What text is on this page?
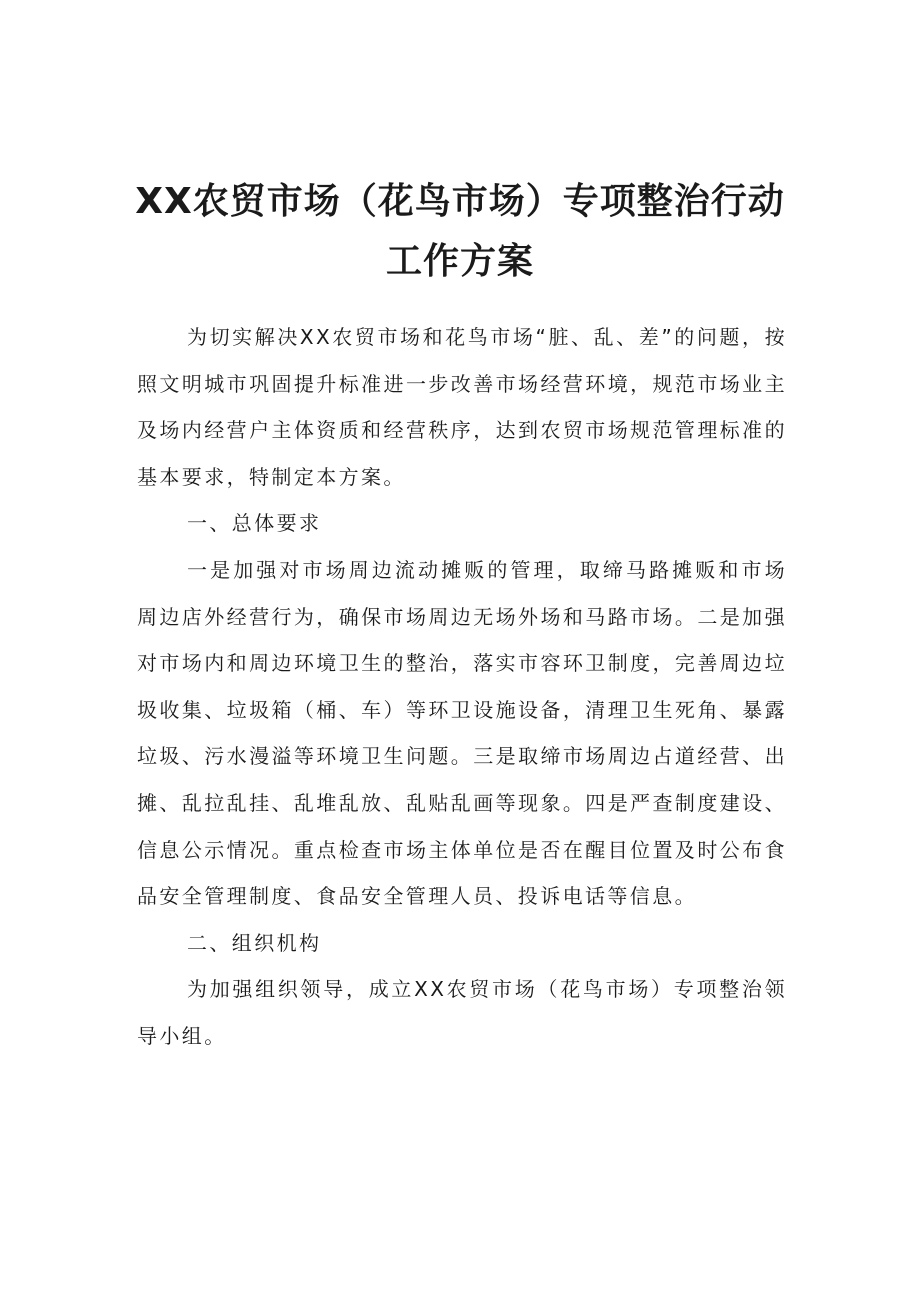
XX农贸市场（花鸟市场）专项整治行动
工作方案

为切实解决XX农贸市场和花鸟市场“脏、乱、差”的问题，按照文明城市巩固提升标准进一步改善市场经营环境，规范市场业主及场内经营户主体资质和经营秩序，达到农贸市场规范管理标准的基本要求，特制定本方案。

一、总体要求

一是加强对市场周边流动摊贩的管理，取缔马路摊贩和市场周边店外经营行为，确保市场周边无场外场和马路市场。二是加强对市场内和周边环境卫生的整治，落实市容环卫制度，完善周边垃圾收集、垃圾箱（桶、车）等环卫设施设备，清理卫生死角、暴露垃圾、污水漫溢等环境卫生问题。三是取缔市场周边占道经营、出摊、乱拉乱挂、乱堆乱放、乱贴乱画等现象。四是严查制度建设、信息公示情况。重点检查市场主体单位是否在醒目位置及时公布食品安全管理制度、食品安全管理人员、投诉电话等信息。

二、组织机构

为加强组织领导，成立XX农贸市场（花鸟市场）专项整治领导小组。
